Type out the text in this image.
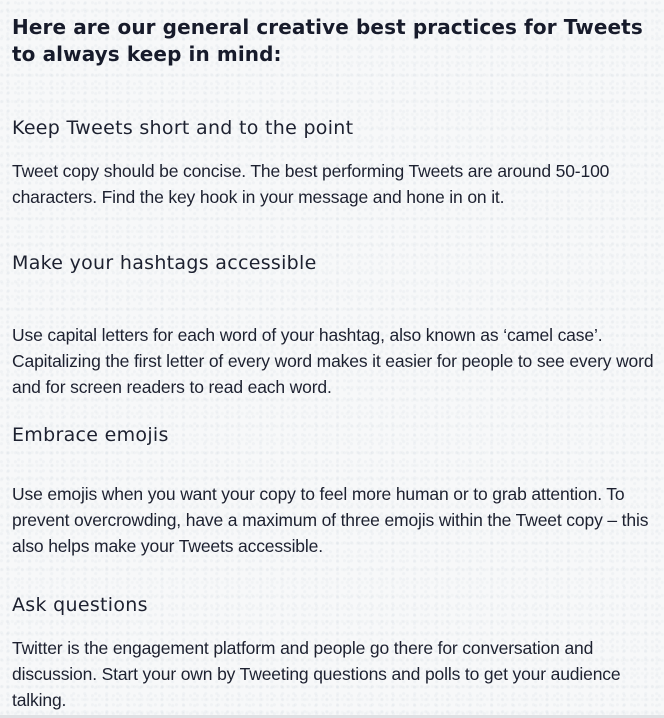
Here are our general creative best practices for Tweets to always keep in mind:
Keep Tweets short and to the point

Tweet copy should be concise. The best performing Tweets are around 50-100 characters. Find the key hook in your message and hone in on it.

Make your hashtags accessible

Use capital letters for each word of your hashtag, also known as ‘camel case’. Capitalizing the first letter of every word makes it easier for people to see every word and for screen readers to read each word.

Embrace emojis

Use emojis when you want your copy to feel more human or to grab attention. To prevent overcrowding, have a maximum of three emojis within the Tweet copy – this also helps make your Tweets accessible.

Ask questions

Twitter is the engagement platform and people go there for conversation and discussion. Start your own by Tweeting questions and polls to get your audience talking.
